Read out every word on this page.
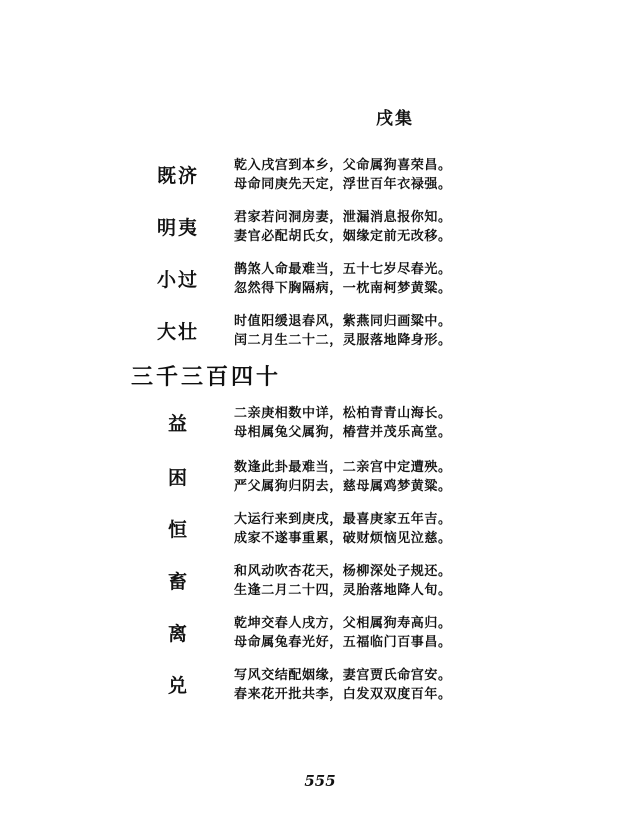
戌集
既济	乾入戌宫到本乡，父命属狗喜荣昌。
母命同庚先天定，浮世百年衣禄强。
明夷	君家若问洞房妻，泄漏消息报你知。
妻官必配胡氏女，姻缘定前无改移。
小过	鹊煞人命最难当，五十七岁尽春光。
忽然得下胸隔病，一枕南柯梦黄粱。
大壮	时值阳缓退春风，紫燕同归画粱中。
闰二月生二十二，灵服落地降身形。
三千三百四十
益	二亲庚相数中详，松柏青青山海长。
母相属兔父属狗，椿营并茂乐高堂。
困	数逢此卦最难当，二亲宫中定遭殃。
严父属狗归阴去，慈母属鸡梦黄粱。
恒	大运行来到庚戌，最喜庚家五年吉。
成家不遂事重累，破财烦恼见泣慈。
畜	和风动吹杏花天，杨柳深处子规还。
生逢二月二十四，灵胎落地降人旬。
离	乾坤交春人戌方，父相属狗寿高归。
母命属兔春光好，五福临门百事昌。
兑	写风交结配姻缘，妻宫贾氏命宫安。
春来花开批共李，白发双双度百年。
555
